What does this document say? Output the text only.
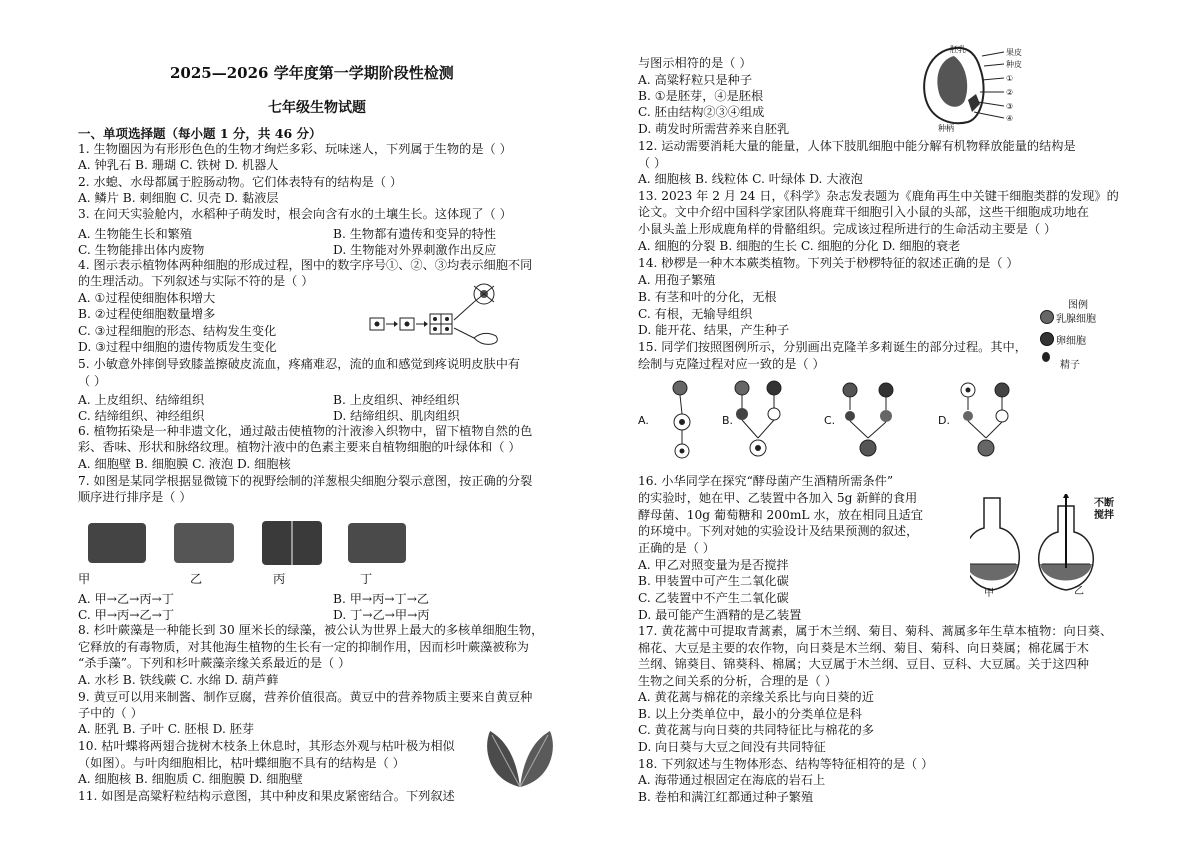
2025—2026 学年度第一学期阶段性检测
七年级生物试题
一、单项选择题（每小题 1 分，共 46 分）
1. 生物圈因为有形形色色的生物才绚烂多彩、玩味迷人，下列属于生物的是（ ）
A. 钟乳石 B. 珊瑚 C. 铁树 D. 机器人
2. 水螅、水母都属于腔肠动物。它们体表特有的结构是（ ）
A. 鳞片 B. 刺细胞 C. 贝壳 D. 黏液层
3. 在问天实验舱内，水稻种子萌发时，根会向含有水的土壤生长。这体现了（ ）
A. 生物能生长和繁殖	B. 生物都有遗传和变异的特性
C. 生物能排出体内废物	D. 生物能对外界刺激作出反应
4. 图示表示植物体两种细胞的形成过程，图中的数字序号①、②、③均表示细胞不同
的生理活动。下列叙述与实际不符的是（ ）
A. ①过程使细胞体积增大
B. ②过程使细胞数量增多
C. ③过程细胞的形态、结构发生变化
D. ③过程中细胞的遗传物质发生变化
5. 小敏意外摔倒导致膝盖擦破皮流血，疼痛难忍，流的血和感觉到疼说明皮肤中有
（ ）
A. 上皮组织、结缔组织	B. 上皮组织、神经组织
C. 结缔组织、神经组织	D. 结缔组织、肌肉组织
6. 植物拓染是一种非遗文化，通过敲击使植物的汁液渗入织物中，留下植物自然的色
彩、香味、形状和脉络纹理。植物汁液中的色素主要来自植物细胞的叶绿体和（ ）
A. 细胞壁 B. 细胞膜 C. 液泡 D. 细胞核
7. 如图是某同学根据显微镜下的视野绘制的洋葱根尖细胞分裂示意图，按正确的分裂
顺序进行排序是（ ）
甲	乙	丙	丁
A. 甲→乙→丙→丁	B. 甲→丙→丁→乙
C. 甲→丙→乙→丁	D. 丁→乙→甲→丙
8. 杉叶蕨藻是一种能长到 30 厘米长的绿藻，被公认为世界上最大的多核单细胞生物，
它释放的有毒物质，对其他海生植物的生长有一定的抑制作用，因而杉叶蕨藻被称为
“杀手藻”。下列和杉叶蕨藻亲缘关系最近的是（ ）
A. 水杉 B. 铁线蕨 C. 水绵 D. 葫芦藓
9. 黄豆可以用来制酱、制作豆腐，营养价值很高。黄豆中的营养物质主要来自黄豆种
子中的（ ）
A. 胚乳 B. 子叶 C. 胚根 D. 胚芽
10. 枯叶蝶将两翅合拢树木枝条上休息时，其形态外观与枯叶极为相似
（如图）。与叶肉细胞相比，枯叶蝶细胞不具有的结构是（ ）
A. 细胞核 B. 细胞质 C. 细胞膜 D. 细胞壁
11. 如图是高粱籽粒结构示意图，其中种皮和果皮紧密结合。下列叙述
与图示相符的是（ ）
A. 高粱籽粒只是种子
B. ①是胚芽，④是胚根
C. 胚由结构②③④组成
D. 萌发时所需营养来自胚乳
胚乳	果皮
种皮
①
②
③
④
种柄
12. 运动需要消耗大量的能量，人体下肢肌细胞中能分解有机物释放能量的结构是
（ ）
A. 细胞核 B. 线粒体 C. 叶绿体 D. 大液泡
13. 2023 年 2 月 24 日，《科学》杂志发表题为《鹿角再生中关键干细胞类群的发现》的
论文。文中介绍中国科学家团队将鹿茸干细胞引入小鼠的头部，这些干细胞成功地在
小鼠头盖上形成鹿角样的骨骼组织。完成该过程所进行的生命活动主要是（ ）
A. 细胞的分裂 B. 细胞的生长 C. 细胞的分化 D. 细胞的衰老
14. 桫椤是一种木本蕨类植物。下列关于桫椤特征的叙述正确的是（ ）
A. 用孢子繁殖
B. 有茎和叶的分化，无根
C. 有根，无输导组织
D. 能开花、结果，产生种子
图例
乳腺细胞
卵细胞
精子
15. 同学们按照图例所示，分别画出克隆羊多莉诞生的部分过程。其中，
绘制与克隆过程对应一致的是（ ）
A.	B.	C.	D.
16. 小华同学在探究“酵母菌产生酒精所需条件”
的实验时，她在甲、乙装置中各加入 5g 新鲜的食用
酵母菌、10g 葡萄糖和 200mL 水，放在相同且适宜
的环境中。下列对她的实验设计及结果预测的叙述，
正确的是（ ）
A. 甲乙对照变量为是否搅拌
B. 甲装置中可产生二氧化碳
C. 乙装置中不产生二氧化碳
D. 最可能产生酒精的是乙装置
甲	乙
不断搅拌
17. 黄花蒿中可提取青蒿素，属于木兰纲、菊目、菊科、蒿属多年生草本植物：向日葵、
棉花、大豆是主要的农作物，向日葵是木兰纲、菊目、菊科、向日葵属；棉花属于木
兰纲、锦葵目、锦葵科、棉属；大豆属于木兰纲、豆目、豆科、大豆属。关于这四种
生物之间关系的分析，合理的是（ ）
A. 黄花蒿与棉花的亲缘关系比与向日葵的近
B. 以上分类单位中，最小的分类单位是科
C. 黄花蒿与向日葵的共同特征比与棉花的多
D. 向日葵与大豆之间没有共同特征
18. 下列叙述与生物体形态、结构等特征相符的是（ ）
A. 海带通过根固定在海底的岩石上
B. 卷柏和满江红都通过种子繁殖
